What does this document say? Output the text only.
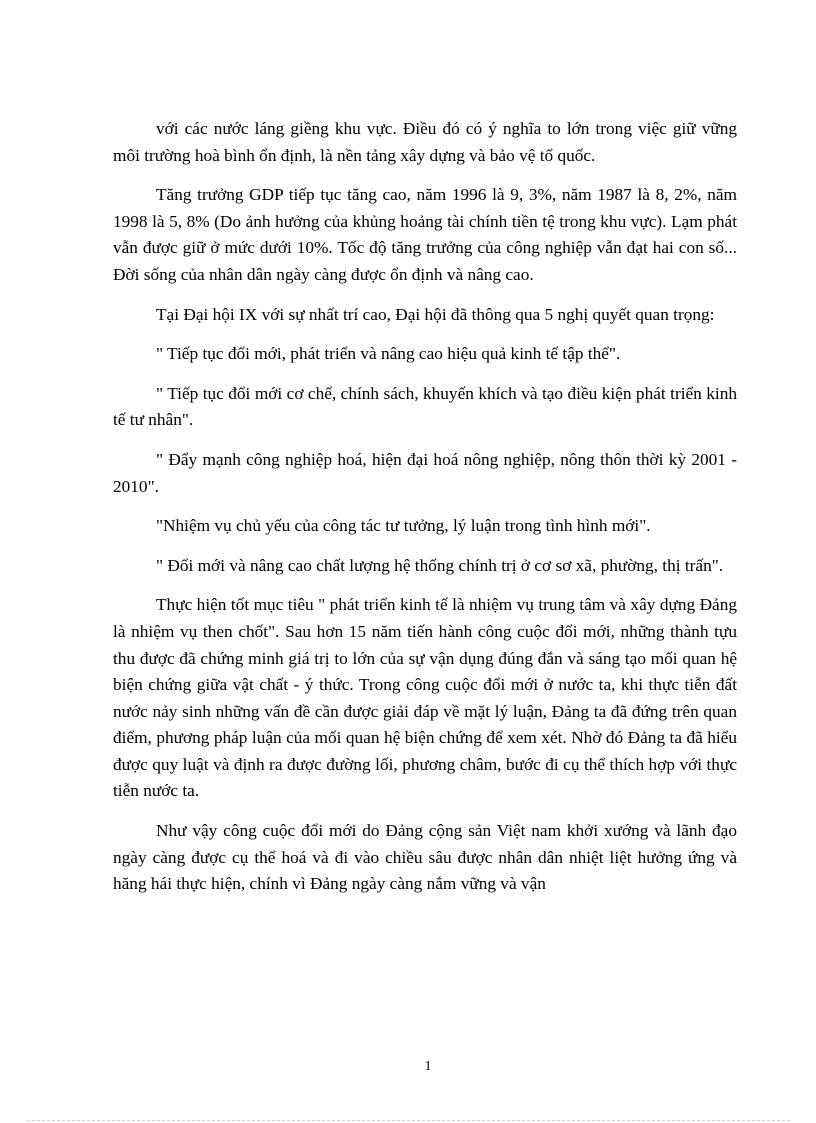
với các nước láng giềng khu vực. Điều đó có ý nghĩa to lớn trong việc giữ vững môi trường hoà bình ổn định, là nền tảng xây dựng và bảo vệ tổ quốc.

Tăng trưởng GDP tiếp tục tăng cao, năm 1996 là 9, 3%, năm 1987 là 8, 2%, năm 1998 là 5, 8% (Do ảnh hưởng của khủng hoảng tài chính tiền tệ trong khu vực). Lạm phát vẫn được giữ ở mức dưới 10%. Tốc độ tăng trưởng của công nghiệp vẫn đạt hai con số... Đời sống của nhân dân ngày càng được ổn định và nâng cao.

Tại Đại hội IX với sự nhất trí cao, Đại hội đã thông qua 5 nghị quyết quan trọng:

" Tiếp tục đổi mới, phát triển và nâng cao hiệu quả kinh tế tập thể".

" Tiếp tục đổi mới cơ chế, chính sách, khuyến khích và tạo điều kiện phát triển kinh tế tư nhân".

" Đẩy mạnh công nghiệp hoá, hiện đại hoá nông nghiệp, nông thôn thời kỳ 2001 - 2010".

"Nhiệm vụ chủ yếu của công tác tư tưởng, lý luận trong tình hình mới".

" Đổi mới và nâng cao chất lượng hệ thống chính trị ở cơ sơ xã, phường, thị trấn".

Thực hiện tốt mục tiêu " phát triển kinh tế là nhiệm vụ trung tâm và xây dựng Đảng là nhiệm vụ then chốt". Sau hơn 15 năm tiến hành công cuộc đổi mới, những thành tựu thu được đã chứng minh giá trị to lớn của sự vận dụng đúng đắn và sáng tạo mối quan hệ biện chứng giữa vật chất - ý thức. Trong công cuộc đổi mới ở nước ta, khi thực tiễn đất nước nảy sinh những vấn đề cần được giải đáp về mặt lý luận, Đảng ta đã đứng trên quan điểm, phương pháp luận của mối quan hệ biện chứng để xem xét. Nhờ đó Đảng ta đã hiểu được quy luật và định ra được đường lối, phương châm, bước đi cụ thể thích hợp với thực tiễn nước ta.

Như vậy công cuộc đổi mới do Đảng cộng sản Việt nam khởi xướng và lãnh đạo ngày càng được cụ thể hoá và đi vào chiều sâu được nhân dân nhiệt liệt hưởng ứng và hăng hái thực hiện, chính vì Đảng ngày càng nắm vững và vận

1
